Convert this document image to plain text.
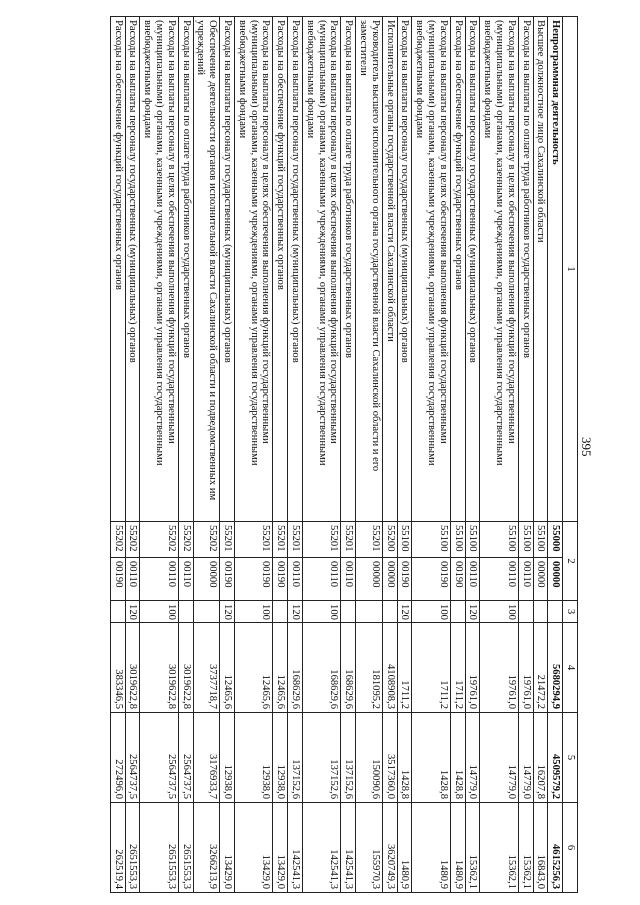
395
1	2		3	4	5	6
Непрограммная деятельность	55000	00000		5680294,9	4509579,2	4615256,3
Высшее должностное лицо Сахалинской области	55100	00000		21472,2	16207,8	16843,0
Расходы на выплаты по оплате труда работников государственных органов	55100	00110		19761,0	14779,0	15362,1
Расходы на выплаты персоналу в целях обеспечения выполнения функций государственными (муниципальными) органами, казенными учреждениями, органами управления государственными внебюджетными фондами	55100	00110	100	19761,0	14779,0	15362,1
Расходы на выплаты персоналу государственных (муниципальных) органов	55100	00110	120	19761,0	14779,0	15362,1
Расходы на обеспечение функций государственных органов	55100	00190		1711,2	1428,8	1480,9
Расходы на выплаты персоналу в целях обеспечения выполнения функций государственными (муниципальными) органами, казенными учреждениями, органами управления государственными внебюджетными фондами	55100	00190	100	1711,2	1428,8	1480,9
Расходы на выплаты персоналу государственных (муниципальных) органов	55100	00190	120	1711,2	1428,8	1480,9
Исполнительные органы государственной власти Сахалинской области	55200	00000		4108908,3	3517360,0	3620749,3
Руководитель высшего исполнительного органа государственной власти Сахалинской области и его заместители	55201	00000		181095,2	150090,6	155970,3
Расходы на выплаты по оплате труда работников государственных органов	55201	00110		168629,6	137152,6	142541,3
Расходы на выплаты персоналу в целях обеспечения выполнения функций государственными (муниципальными) органами, казенными учреждениями, органами управления государственными внебюджетными фондами	55201	00110	100	168629,6	137152,6	142541,3
Расходы на выплаты персоналу государственных (муниципальных) органов	55201	00110	120	168629,6	137152,6	142541,3
Расходы на обеспечение функций государственных органов	55201	00190		12465,6	12938,0	13429,0
Расходы на выплаты персоналу в целях обеспечения выполнения функций государственными (муниципальными) органами, казенными учреждениями, органами управления государственными внебюджетными фондами	55201	00190	100	12465,6	12938,0	13429,0
Расходы на выплаты персоналу государственных (муниципальных) органов	55201	00190	120	12465,6	12938,0	13429,0
Обеспечение деятельности органов исполнительной власти Сахалинской области и подведомственных им учреждений	55202	00000		3737718,7	3176933,7	3266213,9
Расходы на выплаты по оплате труда работников государственных органов	55202	00110		3019622,8	2564737,5	2651553,3
Расходы на выплаты персоналу в целях обеспечения выполнения функций государственными (муниципальными) органами, казенными учреждениями, органами управления государственными внебюджетными фондами	55202	00110	100	3019622,8	2564737,5	2651553,3
Расходы на выплаты персоналу государственных (муниципальных) органов	55202	00110	120	3019622,8	2564737,5	2651553,3
Расходы на обеспечение функций государственных органов	55202	00190		383346,5	272496,0	262519,4
